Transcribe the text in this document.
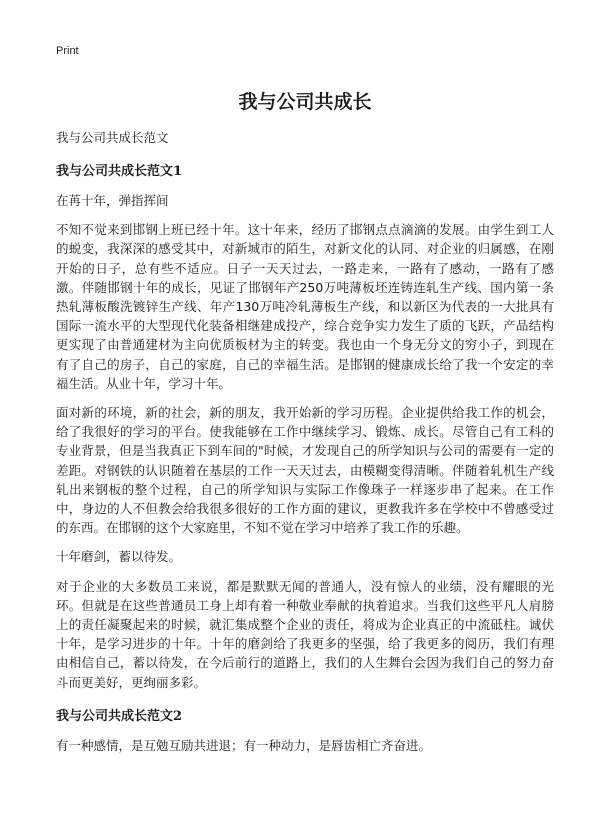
Print
我与公司共成长
我与公司共成长范文
我与公司共成长范文1

在苒十年，弹指挥间

不知不觉来到邯钢上班已经十年。这十年来，经历了邯钢点点滴滴的发展。由学生到工人的蜕变，我深深的感受其中，对新城市的陌生，对新文化的认同、对企业的归属感，在刚开始的日子，总有些不适应。日子一天天过去，一路走来，一路有了感动，一路有了感激。伴随邯钢十年的成长，见证了邯钢年产250万吨薄板坯连铸连轧生产线、国内第一条热轧薄板酸洗镀锌生产线、年产130万吨冷轧薄板生产线，和以新区为代表的一大批具有国际一流水平的大型现代化装备相继建成投产，综合竞争实力发生了质的飞跃，产品结构更实现了由普通建材为主向优质板材为主的转变。我也由一个身无分文的穷小子，到现在有了自己的房子，自己的家庭，自己的幸福生活。是邯钢的健康成长给了我一个安定的幸福生活。从业十年，学习十年。

面对新的环境，新的社会，新的朋友，我开始新的学习历程。企业提供给我工作的机会，给了我很好的学习的平台。使我能够在工作中继续学习、锻炼、成长。尽管自己有工科的专业背景，但是当我真正下到车间的"时候，才发现自己的所学知识与公司的需要有一定的差距。对钢铁的认识随着在基层的工作一天天过去，由模糊变得清晰。伴随着轧机生产线轧出来钢板的整个过程，自己的所学知识与实际工作像珠子一样逐步串了起来。在工作中，身边的人不但教会给我很多很好的工作方面的建议，更教我许多在学校中不曾感受过的东西。在邯钢的这个大家庭里，不知不觉在学习中培养了我工作的乐趣。

十年磨剑，蓄以待发。

对于企业的大多数员工来说，都是默默无闻的普通人，没有惊人的业绩，没有耀眼的光环。但就是在这些普通员工身上却有着一种敬业奉献的执着追求。当我们这些平凡人肩膀上的责任凝聚起来的时候，就汇集成整个企业的责任，将成为企业真正的中流砥柱。诚伏十年，是学习进步的十年。十年的磨剑给了我更多的坚强，给了我更多的阅历，我们有理由相信自己，蓄以待发，在今后前行的道路上，我们的人生舞台会因为我们自己的努力奋斗而更美好，更绚丽多彩。

我与公司共成长范文2

有一种感情，是互勉互励共进退；有一种动力，是唇齿相亡齐奋进。
